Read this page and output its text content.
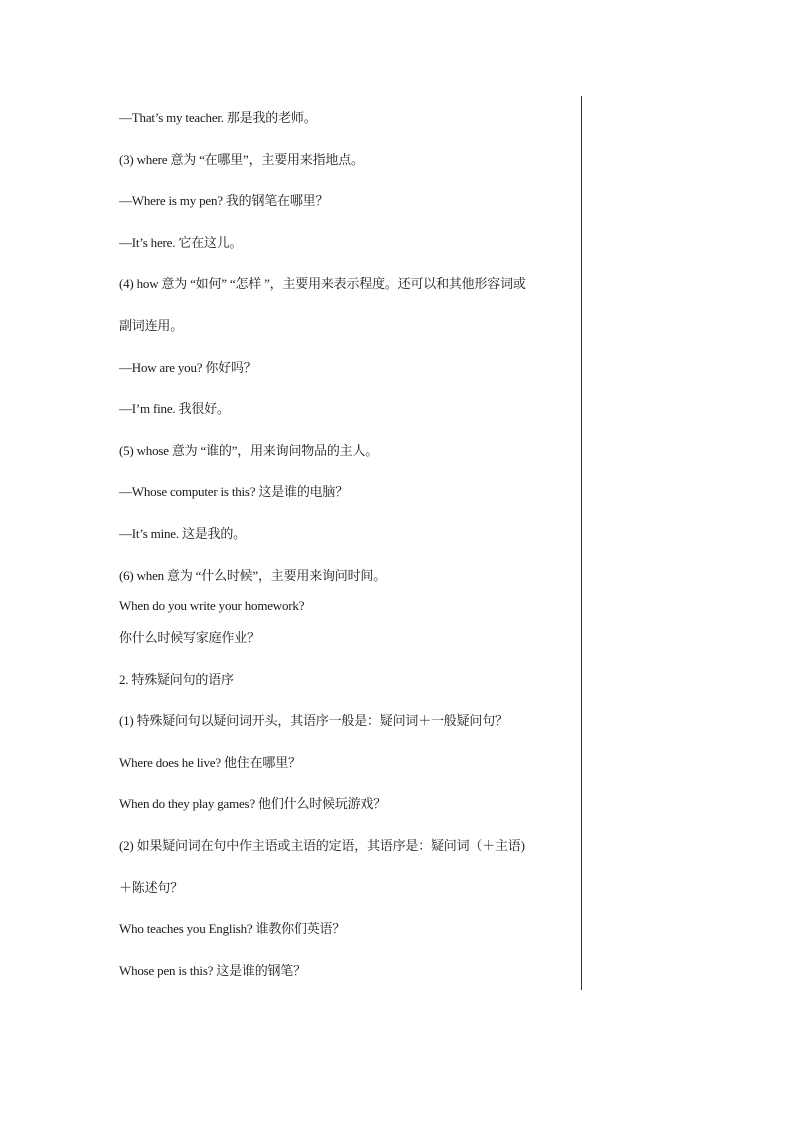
—That’s my teacher. 那是我的老师。
(3) where 意为 “在哪里”，主要用来指地点。
—Where is my pen? 我的钢笔在哪里？
—It’s here. 它在这儿。
(4) how 意为 “如何” “怎样 ”，主要用来表示程度。还可以和其他形容词或
副词连用。
—How are you? 你好吗？
—I’m fine. 我很好。
(5) whose 意为 “谁的”，用来询问物品的主人。
—Whose computer is this? 这是谁的电脑？
—It’s mine. 这是我的。
(6) when 意为 “什么时候”，主要用来询问时间。
When do you write your homework?
你什么时候写家庭作业？
2. 特殊疑问句的语序
(1) 特殊疑问句以疑问词开头，其语序一般是：疑问词＋一般疑问句？
Where does he live? 他住在哪里？
When do they play games? 他们什么时候玩游戏？
(2) 如果疑问词在句中作主语或主语的定语，其语序是：疑问词（＋主语)
＋陈述句？
Who teaches you English? 谁教你们英语？
Whose pen is this? 这是谁的钢笔？
